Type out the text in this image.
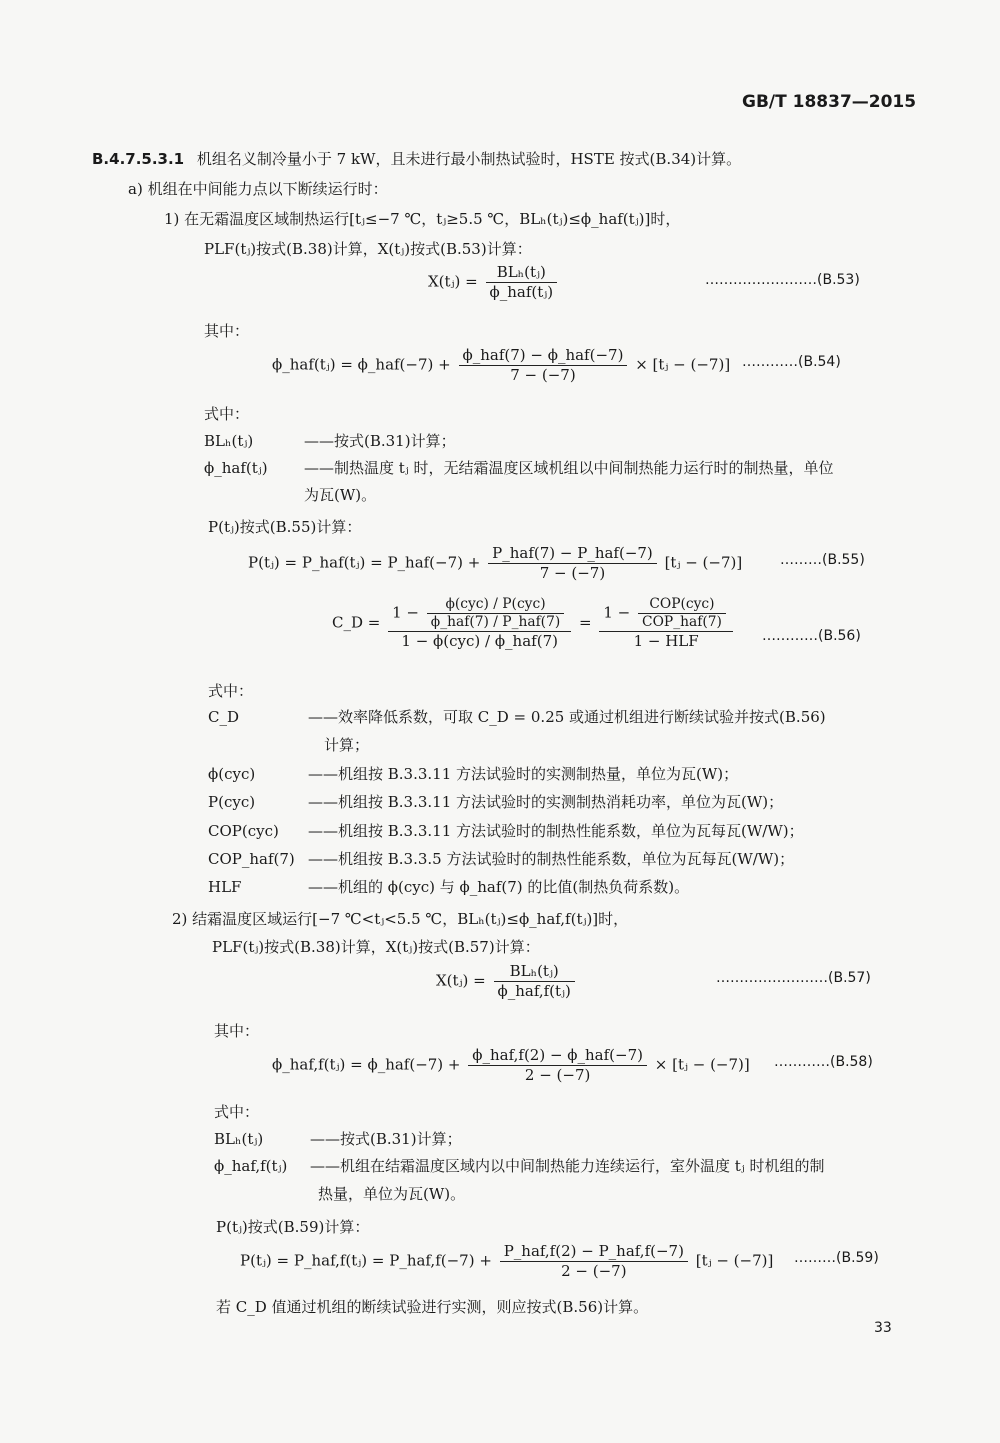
GB/T 18837—2015
B.4.7.5.3.1 机组名义制冷量小于 7 kW，且未进行最小制热试验时，HSTE 按式(B.34)计算。
a) 机组在中间能力点以下断续运行时：
1) 在无霜温度区域制热运行[tⱼ≤−7 ℃，tⱼ≥5.5 ℃，BLₕ(tⱼ)≤ϕ_haf(tⱼ)]时，
PLF(tⱼ)按式(B.38)计算，X(tⱼ)按式(B.53)计算：
X(tⱼ) = $\frac{\text{BLₕ(tⱼ)}}{\text{ϕ\_haf(tⱼ)}}$	……………………(B.53)
其中：
ϕ_haf(tⱼ) = ϕ_haf(−7) + $\frac{\text{ϕ\_haf(7) − ϕ\_haf(−7)}}{7 - (-7)}$ × [tⱼ − (−7)] …………(B.54)
式中：
BLₕ(tⱼ)	——按式(B.31)计算；
ϕ_haf(tⱼ) ——制热温度 tⱼ 时，无结霜温度区域机组以中间制热能力运行时的制热量，单位
为瓦(W)。
P(tⱼ)按式(B.55)计算：
P(tⱼ) = P_haf(tⱼ) = P_haf(−7) + $\frac{\text{P\_haf(7) − P\_haf(−7)}}{7 - (-7)}$ [tⱼ − (−7)]	………(B.55)
C_D =
$1 - \frac{\text{ϕ(cyc) / P(cyc)}}{\text{ϕ\_haf(7) / P\_haf(7)}}$
1 − ϕ(cyc) / ϕ_haf(7)
= $\frac{1 - \frac{\text{COP(cyc)}}{\text{COP\_haf(7)}}}{\text{1 − HLF}}$ …………(B.56)
式中：
C_D	——效率降低系数，可取 C_D = 0.25 或通过机组进行断续试验并按式(B.56)
计算；
ϕ(cyc)	——机组按 B.3.3.11 方法试验时的实测制热量，单位为瓦(W)；
P(cyc)	——机组按 B.3.3.11 方法试验时的实测制热消耗功率，单位为瓦(W)；
COP(cyc) ——机组按 B.3.3.11 方法试验时的制热性能系数，单位为瓦每瓦(W/W)；
COP_haf(7) ——机组按 B.3.3.5 方法试验时的制热性能系数，单位为瓦每瓦(W/W)；
HLF	——机组的 ϕ(cyc) 与 ϕ_haf(7) 的比值(制热负荷系数)。
2) 结霜温度区域运行[−7 ℃<tⱼ<5.5 ℃，BLₕ(tⱼ)≤ϕ_haf,f(tⱼ)]时，
PLF(tⱼ)按式(B.38)计算，X(tⱼ)按式(B.57)计算：
X(tⱼ) = $\frac{\text{BLₕ(tⱼ)}}{\text{ϕ\_haf,f(tⱼ)}}$	……………………(B.57)
其中：
ϕ_haf,f(tⱼ) = ϕ_haf(−7) + $\frac{\text{ϕ\_haf,f(2) − ϕ\_haf(−7)}}{2 - (-7)}$ × [tⱼ − (−7)] …………(B.58)
式中：
BLₕ(tⱼ)	——按式(B.31)计算；
ϕ_haf,f(tⱼ) ——机组在结霜温度区域内以中间制热能力连续运行，室外温度 tⱼ 时机组的制
热量，单位为瓦(W)。
P(tⱼ)按式(B.59)计算：
P(tⱼ) = P_haf,f(tⱼ) = P_haf,f(−7) + $\frac{\text{P\_haf,f(2) − P\_haf,f(−7)}}{2 - (-7)}$ [tⱼ − (−7)] ………(B.59)
若 C_D 值通过机组的断续试验进行实测，则应按式(B.56)计算。
33
